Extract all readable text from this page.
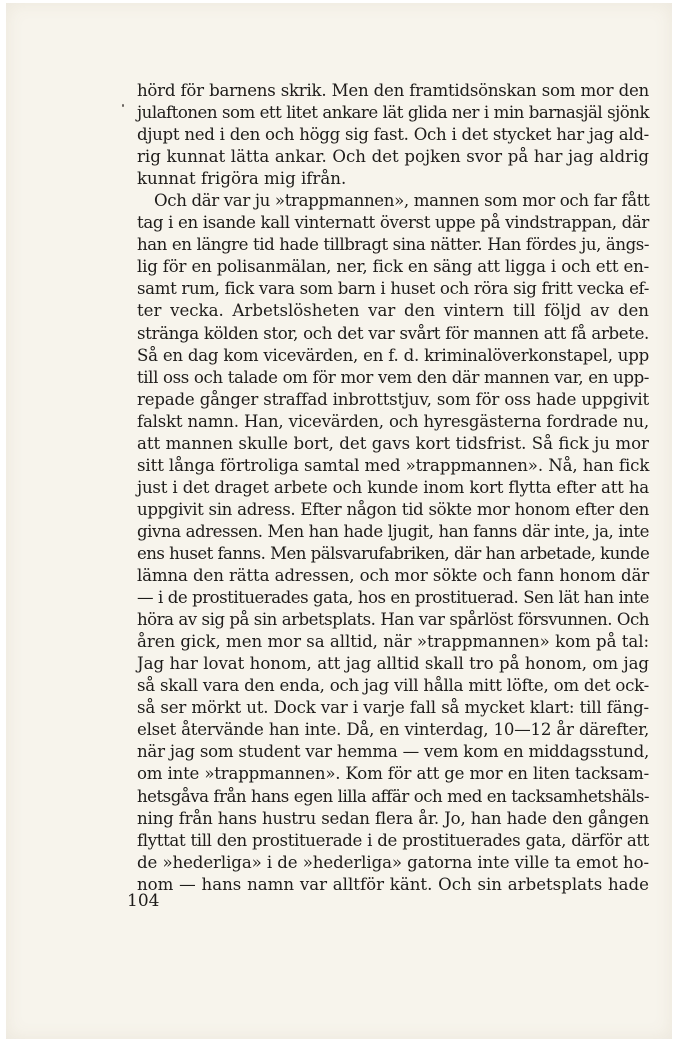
hörd för barnens skrik. Men den framtidsönskan som mor den
julaftonen som ett litet ankare lät glida ner i min barnasjäl sjönk
djupt ned i den och högg sig fast. Och i det stycket har jag ald-
rig kunnat lätta ankar. Och det pojken svor på har jag aldrig
kunnat frigöra mig ifrån.
Och där var ju »trappmannen», mannen som mor och far fått
tag i en isande kall vinternatt överst uppe på vindstrappan, där
han en längre tid hade tillbragt sina nätter. Han fördes ju, ängs-
lig för en polisanmälan, ner, fick en säng att ligga i och ett en-
samt rum, fick vara som barn i huset och röra sig fritt vecka ef-
ter vecka. Arbetslösheten var den vintern till följd av den
stränga kölden stor, och det var svårt för mannen att få arbete.
Så en dag kom vicevärden, en f. d. kriminalöverkonstapel, upp
till oss och talade om för mor vem den där mannen var, en upp-
repade gånger straffad inbrottstjuv, som för oss hade uppgivit
falskt namn. Han, vicevärden, och hyresgästerna fordrade nu,
att mannen skulle bort, det gavs kort tidsfrist. Så fick ju mor
sitt långa förtroliga samtal med »trappmannen». Nå, han fick
just i det draget arbete och kunde inom kort flytta efter att ha
uppgivit sin adress. Efter någon tid sökte mor honom efter den
givna adressen. Men han hade ljugit, han fanns där inte, ja, inte
ens huset fanns. Men pälsvarufabriken, där han arbetade, kunde
lämna den rätta adressen, och mor sökte och fann honom där
— i de prostituerades gata, hos en prostituerad. Sen lät han inte
höra av sig på sin arbetsplats. Han var spårlöst försvunnen. Och
åren gick, men mor sa alltid, när »trappmannen» kom på tal:
Jag har lovat honom, att jag alltid skall tro på honom, om jag
så skall vara den enda, och jag vill hålla mitt löfte, om det ock-
så ser mörkt ut. Dock var i varje fall så mycket klart: till fäng-
elset återvände han inte. Då, en vinterdag, 10—12 år därefter,
när jag som student var hemma — vem kom en middagsstund,
om inte »trappmannen». Kom för att ge mor en liten tacksam-
hetsgåva från hans egen lilla affär och med en tacksamhetshäls-
ning från hans hustru sedan flera år. Jo, han hade den gången
flyttat till den prostituerade i de prostituerades gata, därför att
de »hederliga» i de »hederliga» gatorna inte ville ta emot ho-
nom — hans namn var alltför känt. Och sin arbetsplats hade
104
